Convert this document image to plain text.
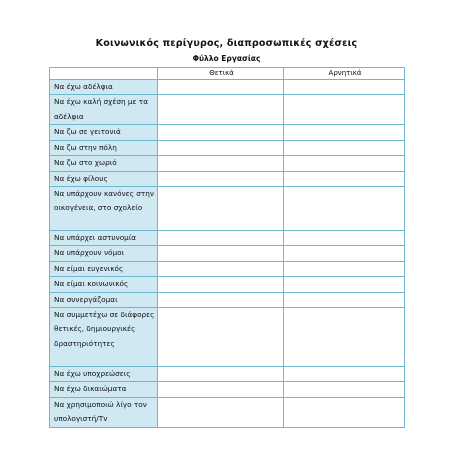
Κοινωνικός περίγυρος, διαπροσωπικές σχέσεις
Φύλλο Εργασίας
	Θετικά	Αρνητικά

Να έχω αδέλφια		

Να έχω καλή σχέση με τα αδέλφια		

Να ζω σε γειτονιά		

Να ζω στην πόλη		

Να ζω στο χωριό		

Να έχω φίλους		

Να υπάρχουν κανόνες στην οικογένεια, στο σχολείο		

Να υπάρχει αστυνομία		

Να υπάρχουν νόμοι		

Να είμαι ευγενικός		

Να είμαι κοινωνικός		

Να συνεργάζομαι		

Να συμμετέχω σε διάφορες θετικές, δημιουργικές δραστηριότητες		

Να έχω υποχρεώσεις		

Να έχω δικαιώματα		

Να χρησιμοποιώ λίγο τον υπολογιστή/Τv		
